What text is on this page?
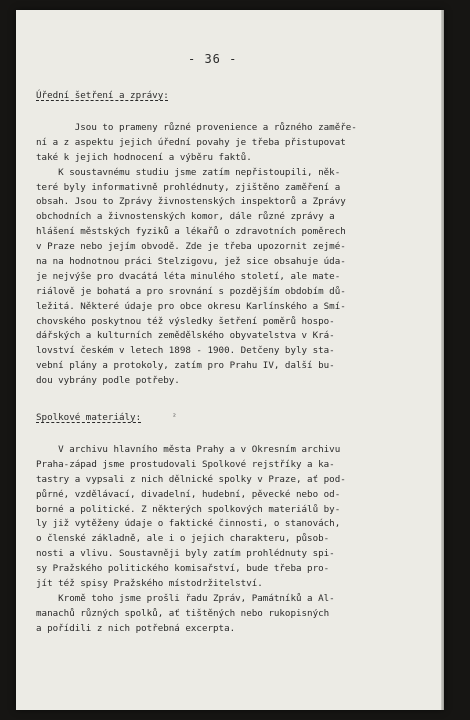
- 36 -
Úřední šetření a zprávy:
Jsou to prameny různé provenience a různého zaměře-
ní a z aspektu jejich úřední povahy je třeba přistupovat
také k jejich hodnocení a výběru faktů.
K soustavnému studiu jsme zatím nepřistoupili, něk-
teré byly informativně prohlédnuty, zjištěno zaměření a
obsah. Jsou to Zprávy živnostenských inspektorů a Zprávy
obchodních a živnostenských komor, dále různé zprávy a
hlášení městských fyziků a lékařů o zdravotních poměrech
v Praze nebo jejím obvodě. Zde je třeba upozornit zejmé-
na na hodnotnou práci Stelzigovu, jež sice obsahuje úda-
je nejvýše pro dvacátá léta minulého století, ale mate-
riálově je bohatá a pro srovnání s pozdějším obdobím dů-
ležitá. Některé údaje pro obce okresu Karlínského a Smí-
chovského poskytnou též výsledky šetření poměrů hospo-
dářských a kulturních zemědělského obyvatelstva v Krá-
lovství českém v letech 1898 - 1900. Detčeny byly sta-
vební plány a protokoly, zatím pro Prahu IV, další bu-
dou vybrány podle potřeby.
Spolkové materiály:	²
V archivu hlavního města Prahy a v Okresním archivu
Praha-západ jsme prostudovali Spolkové rejstříky a ka-
tastry a vypsali z nich dělnické spolky v Praze, ať pod-
půrné, vzdělávací, divadelní, hudební, pěvecké nebo od-
borné a politické. Z některých spolkových materiálů by-
ly již vytěženy údaje o faktické činnosti, o stanovách,
o členské základně, ale i o jejich charakteru, působ-
nosti a vlivu. Soustavněji byly zatím prohlédnuty spi-
sy Pražského politického komisařství, bude třeba pro-
jít též spisy Pražského místodržitelství.
Kromě toho jsme prošli řadu Zpráv, Památníků a Al-
manachů různých spolků, ať tištěných nebo rukopisných
a pořídili z nich potřebná excerpta.
